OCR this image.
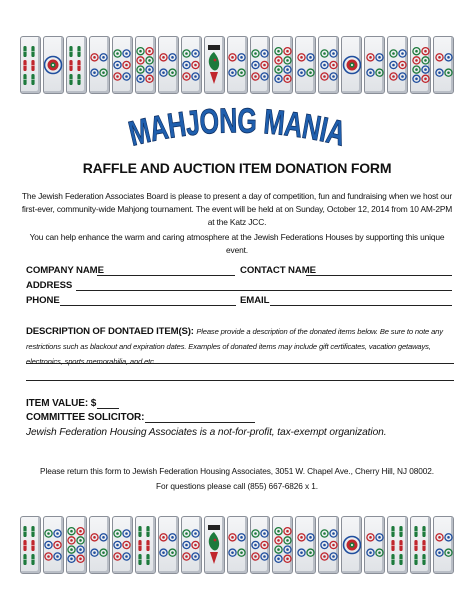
MAHJONG MANIA
RAFFLE AND AUCTION ITEM DONATION FORM
The Jewish Federation Associates Board is please to present a day of competition, fun and fundraising when we host our first-ever, community-wide Mahjong tournament. The event will be held at on Sunday, October 12, 2014 from 10 AM-2PM at the Katz JCC.
You can help enhance the warm and caring atmosphere at the Jewish Federations Houses by supporting this unique event.
COMPANY NAME	CONTACT NAME
ADDRESS
PHONE	EMAIL
DESCRIPTION OF DONTAED ITEM(S): Please provide a description of the donated items below. Be sure to note any restrictions such as blackout and expiration dates. Examples of donated items may include gift certificates, vacation getaways, electronics, sports memorabilia, and etc.
ITEM VALUE: $
COMMITTEE SOLICITOR:
Jewish Federation Housing Associates is a not-for-profit, tax-exempt organization.
Please return this form to Jewish Federation Housing Associates, 3051 W. Chapel Ave., Cherry Hill, NJ 08002.
For questions please call (855) 667-6826 x 1.
